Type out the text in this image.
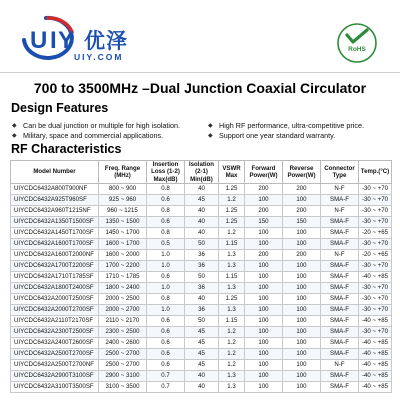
U I Y 优泽
UIY.COM
RoHS
700 to 3500MHz –Dual Junction Coaxial Circulator
Design Features
◆ Can be dual junction or multiple for high isolation.	◆ High RF performance, ultra-competitive price.
◆ Military, space and commercial applications.	◆ Support one year standard warranty.
RF Characteristics
Model Number	Freq. Range (MHz)	Insertion Loss (1-2) Max(dB)	Isolation (2-1) Min(dB)	VSWR Max	Forward Power(W)	Reverse Power(W)	Connector Type	Temp.(°C)
UIYCDC6432A800T900NF	800 ~ 900	0.8	40	1.25	200	200	N-F	-30 ~ +70
UIYCDC6432A925T960SF	925 ~ 960	0.6	45	1.2	100	100	SMA-F	-30 ~ +70
UIYCDC6432A960T1215NF	960 ~ 1215	0.8	40	1.25	200	200	N-F	-30 ~ +70
UIYCDC6432A1350T1500SF	1350 ~ 1500	0.6	40	1.25	150	150	SMA-F	-30 ~ +70
UIYCDC6432A1450T1700SF	1450 ~ 1700	0.8	40	1.2	100	100	SMA-F	-20 ~ +65
UIYCDC6432A1600T1700SF	1600 ~ 1700	0.5	50	1.15	100	100	SMA-F	-30 ~ +70
UIYCDC6432A1600T2000NF	1600 ~ 2000	1.0	36	1.3	200	200	N-F	-20 ~ +65
UIYCDC6432A1700T2200SF	1700 ~ 2200	1.0	36	1.3	100	100	SMA-F	-30 ~ +70
UIYCDC6432A1710T1785SF	1710 ~ 1785	0.6	50	1.15	100	100	SMA-F	-40 ~ +85
UIYCDC6432A1800T2400SF	1800 ~ 2400	1.0	36	1.3	100	100	SMA-F	-30 ~ +70
UIYCDC6432A2000T2500SF	2000 ~ 2500	0.8	40	1.25	100	100	SMA-F	-30 ~ +70
UIYCDC6432A2000T2700SF	2000 ~ 2700	1.0	36	1.3	100	100	SMA-F	-30 ~ +70
UIYCDC6432A2110T2170SF	2110 ~ 2170	0.6	50	1.15	100	100	SMA-F	-40 ~ +85
UIYCDC6432A2300T2500SF	2300 ~ 2500	0.6	45	1.2	100	100	SMA-F	-30 ~ +70
UIYCDC6432A2400T2600SF	2400 ~ 2600	0.6	45	1.2	100	100	SMA-F	-40 ~ +85
UIYCDC6432A2500T2700SF	2500 ~ 2700	0.6	45	1.2	100	100	SMA-F	-40 ~ +85
UIYCDC6432A2500T2700NF	2500 ~ 2700	0.6	45	1.2	100	100	N-F	-40 ~ +85
UIYCDC6432A2900T3100SF	2900 ~ 3100	0.7	40	1.3	100	100	SMA-F	-40 ~ +85
UIYCDC6432A3100T3500SF	3100 ~ 3500	0.7	40	1.3	100	100	SMA-F	-40 ~ +85
